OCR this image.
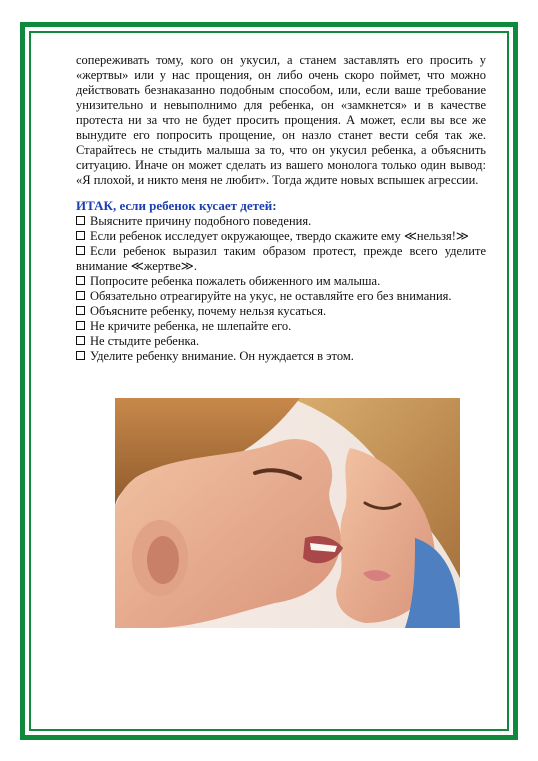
сопереживать тому, кого он укусил, а станем заставлять его просить у «жертвы» или у нас прощения, он либо очень скоро поймет, что можно действовать безнаказанно подобным способом, или, если ваше требование унизительно и невыполнимо для ребенка, он «замкнется» и в качестве протеста ни за что не будет просить прощения. А может, если вы все же вынудите его попросить прощение, он назло станет вести себя так же. Старайтесь не стыдить малыша за то, что он укусил ребенка, а объяснить ситуацию. Иначе он может сделать из вашего монолога только один вывод: «Я плохой, и никто меня не любит». Тогда ждите новых вспышек агрессии.

ИТАК, если ребенок кусает детей:
Выясните причину подобного поведения.
Если ребенок исследует окружающее, твердо скажите ему ≪нельзя!≫
Если ребенок выразил таким образом протест, прежде всего уделите внимание ≪жертве≫.
Попросите ребенка пожалеть обиженного им малыша.
Обязательно отреагируйте на укус, не оставляйте его без внимания.
Объясните ребенку, почему нельзя кусаться.
Не кричите ребенка, не шлепайте его.
Не стыдите ребенка.
Уделите ребенку внимание. Он нуждается в этом.
